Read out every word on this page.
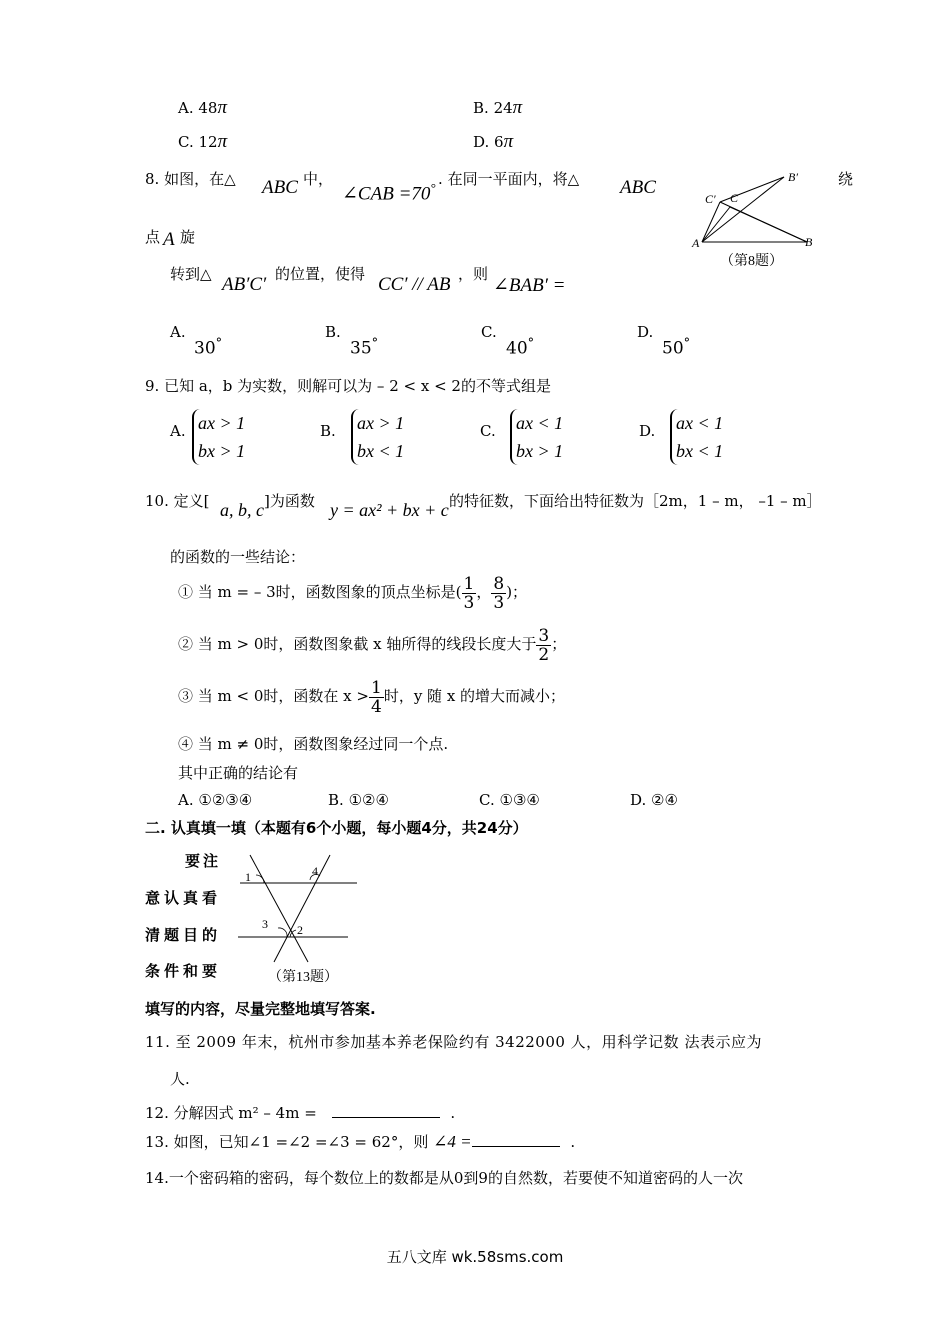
A. 48π	B. 24π
C. 12π	D. 6π
8. 如图，在△ ABC 中，
∠CAB =70° . 在同一平面内，将△ ABC	绕
点 A 旋
转到△ AB′C′ 的位置，使得 CC′ // AB ，则
∠BAB′ =
C′ C
B′
A	B
（第8题）
A.
30°
B.
35°
C.
40°
D.
50°
9. 已知 a，b 为实数，则解可以为 – 2 < x < 2的不等式组是
A. ax > 1
bx > 1
B. ax > 1
bx < 1
C. ax < 1
bx > 1
D. ax < 1
bx < 1
10. 定义[ a, b, c ]为函数 y = ax² + bx + c 的特征数，下面给出特征数为［2m，1 – m， –1 – m］
的函数的一些结论：
① 当 m = – 3时，函数图象的顶点坐标是( $\frac{1}{3}$ ， $\frac{8}{3}$ )；
② 当 m > 0时，函数图象截 x 轴所得的线段长度大于 $\frac{3}{2}$ ；
③ 当 m < 0时，函数在 $x > \frac{1}{4}$ 时，y 随 x 的增大而减小；
④ 当 m ≠ 0时，函数图象经过同一个点.
其中正确的结论有
A. ①②③④	B. ①②④	C. ①③④	D. ②④
二. 认真填一填（本题有6个小题，每小题4分，共24分）
要注
意认真看
清题目的
条件和要
填写的内容，尽量完整地填写答案.
1
2
3
4
（第13题）
11. 至 2009 年末，杭州市参加基本养老保险约有 3422000 人，用科学记数 法表示应为
人.
12. 分解因式 m² – 4m =	.
13. 如图，已知∠1 =∠2 =∠3 = 62°，则 ∠4 =	.
14.一个密码箱的密码，每个数位上的数都是从0到9的自然数，若要使不知道密码的人一次
五八文库 wk.58sms.com
